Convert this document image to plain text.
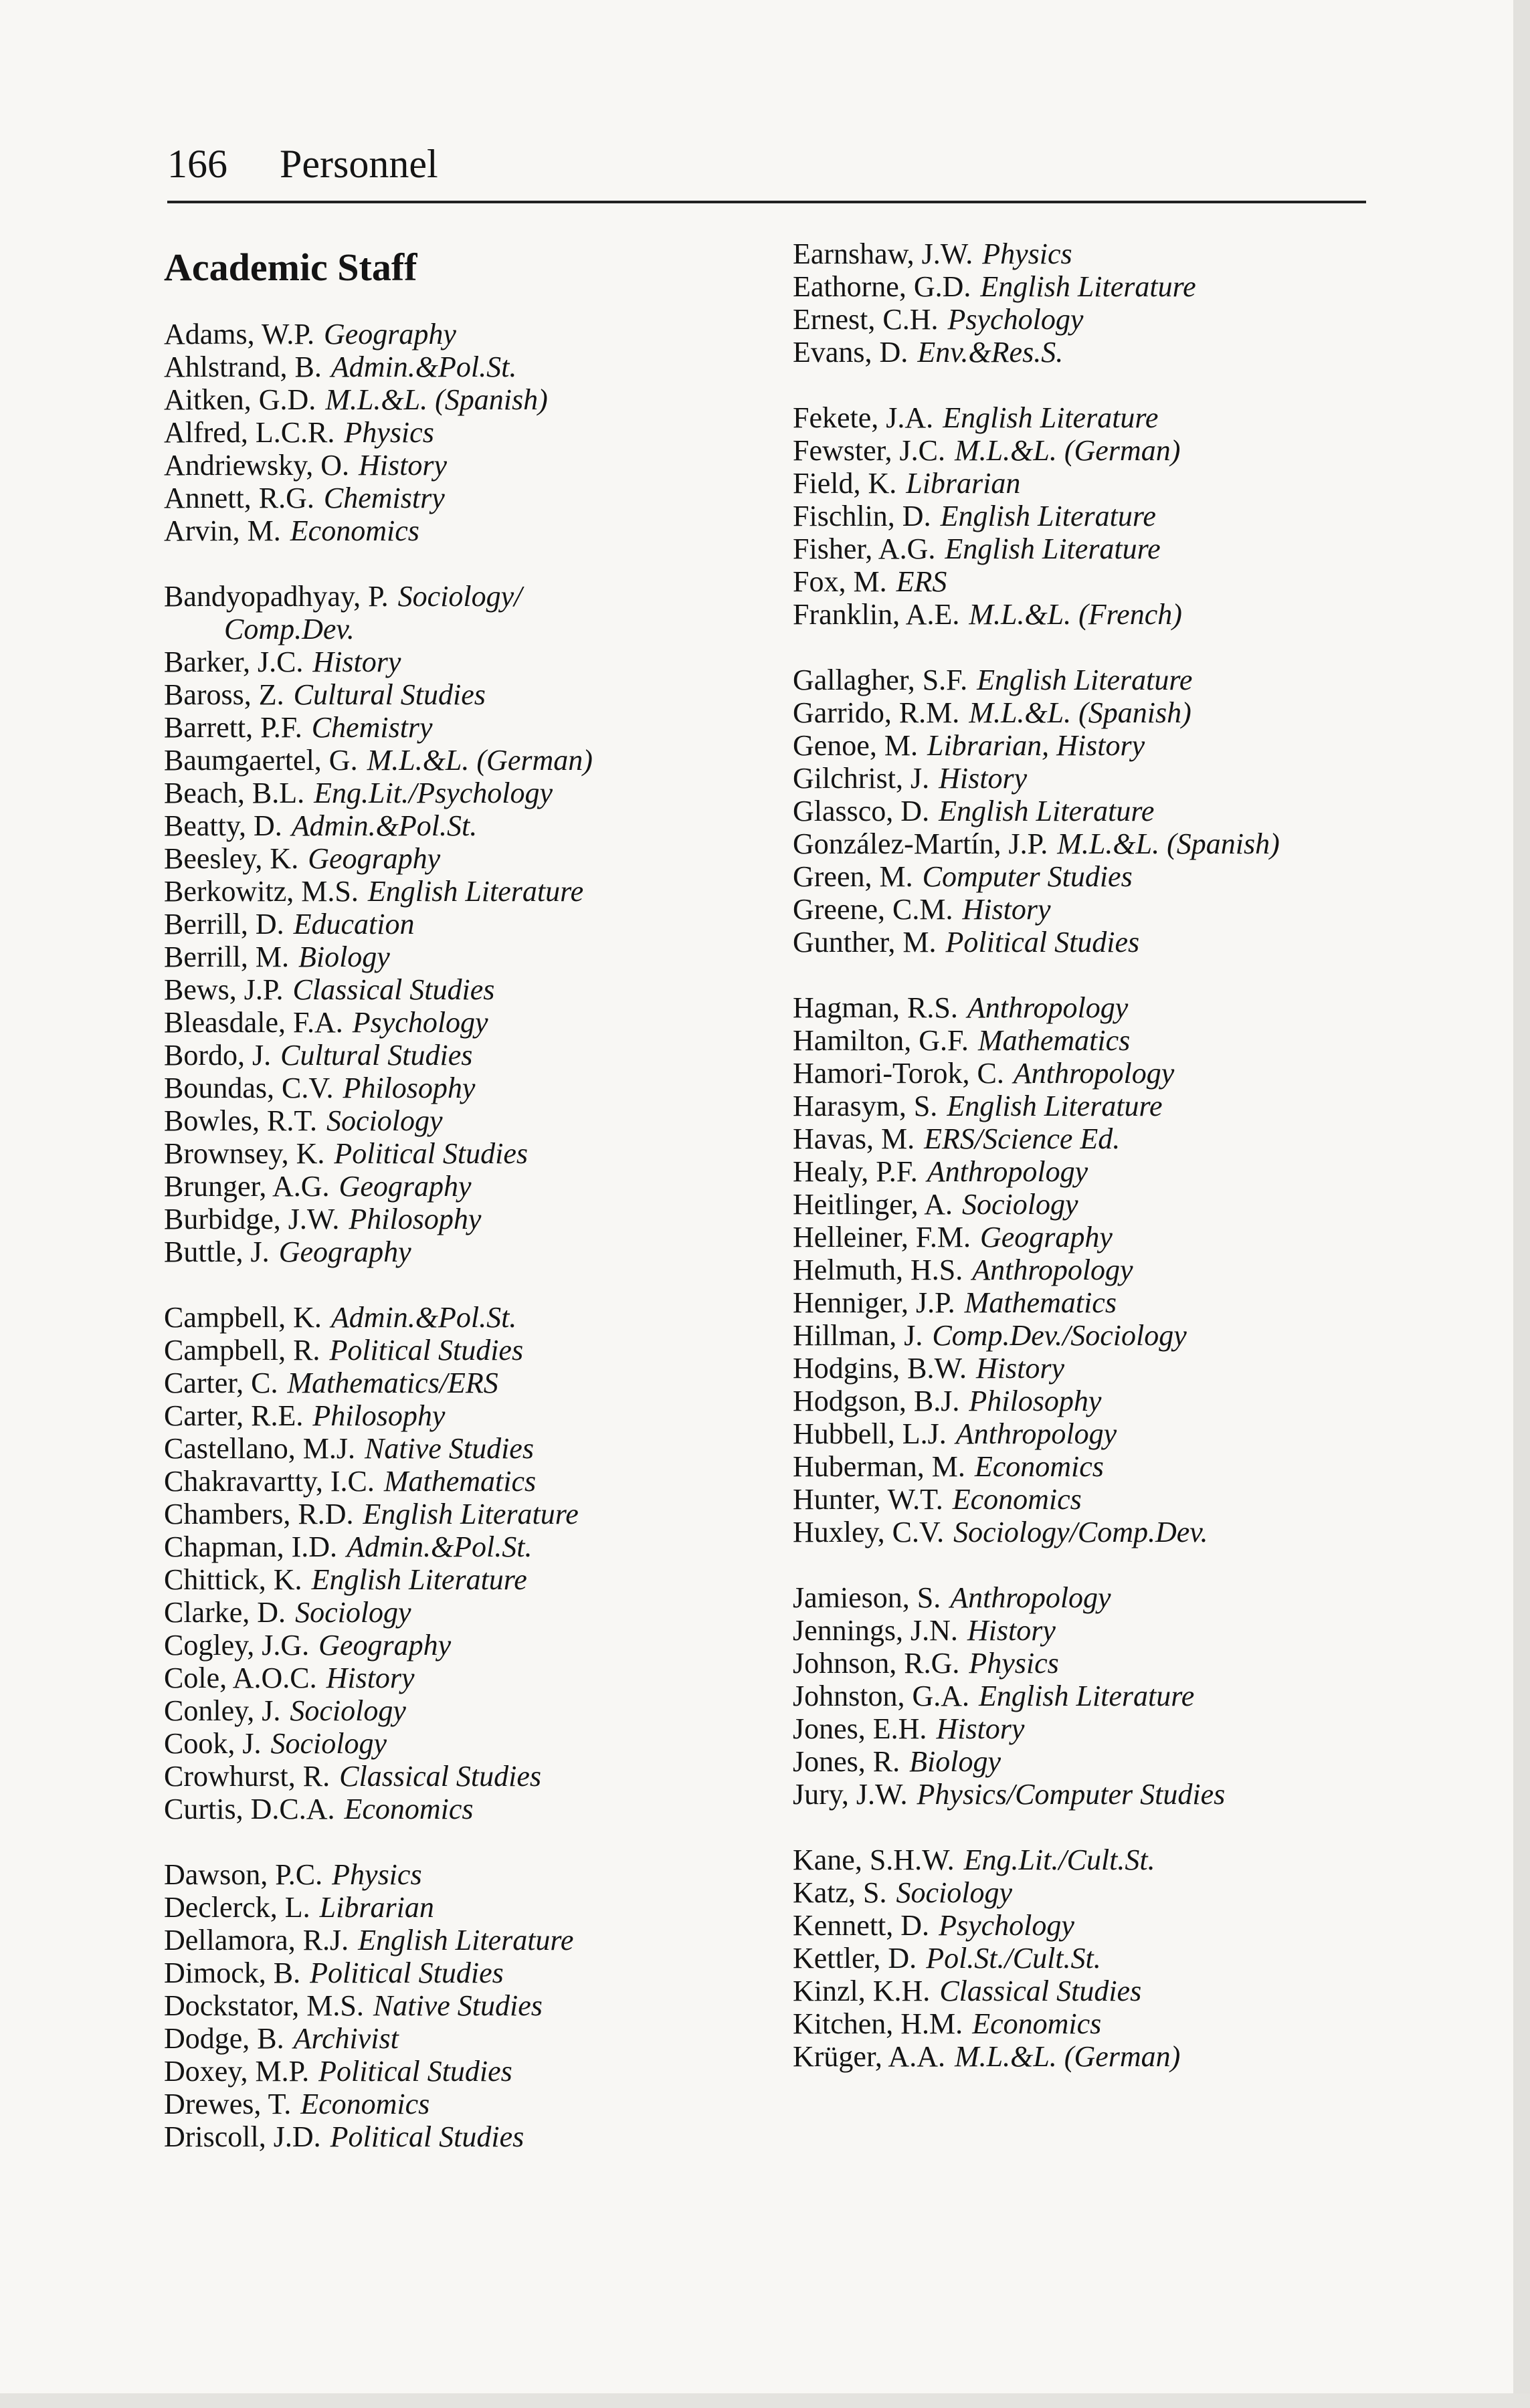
166 Personnel
Academic Staff
Adams, W.P. Geography
Ahlstrand, B. Admin.&Pol.St.
Aitken, G.D. M.L.&L. (Spanish)
Alfred, L.C.R. Physics
Andriewsky, O. History
Annett, R.G. Chemistry
Arvin, M. Economics
Bandyopadhyay, P. Sociology/
Comp.Dev.
Barker, J.C. History
Baross, Z. Cultural Studies
Barrett, P.F. Chemistry
Baumgaertel, G. M.L.&L. (German)
Beach, B.L. Eng.Lit./Psychology
Beatty, D. Admin.&Pol.St.
Beesley, K. Geography
Berkowitz, M.S. English Literature
Berrill, D. Education
Berrill, M. Biology
Bews, J.P. Classical Studies
Bleasdale, F.A. Psychology
Bordo, J. Cultural Studies
Boundas, C.V. Philosophy
Bowles, R.T. Sociology
Brownsey, K. Political Studies
Brunger, A.G. Geography
Burbidge, J.W. Philosophy
Buttle, J. Geography
Campbell, K. Admin.&Pol.St.
Campbell, R. Political Studies
Carter, C. Mathematics/ERS
Carter, R.E. Philosophy
Castellano, M.J. Native Studies
Chakravartty, I.C. Mathematics
Chambers, R.D. English Literature
Chapman, I.D. Admin.&Pol.St.
Chittick, K. English Literature
Clarke, D. Sociology
Cogley, J.G. Geography
Cole, A.O.C. History
Conley, J. Sociology
Cook, J. Sociology
Crowhurst, R. Classical Studies
Curtis, D.C.A. Economics
Dawson, P.C. Physics
Declerck, L. Librarian
Dellamora, R.J. English Literature
Dimock, B. Political Studies
Dockstator, M.S. Native Studies
Dodge, B. Archivist
Doxey, M.P. Political Studies
Drewes, T. Economics
Driscoll, J.D. Political Studies
Earnshaw, J.W. Physics
Eathorne, G.D. English Literature
Ernest, C.H. Psychology
Evans, D. Env.&Res.S.
Fekete, J.A. English Literature
Fewster, J.C. M.L.&L. (German)
Field, K. Librarian
Fischlin, D. English Literature
Fisher, A.G. English Literature
Fox, M. ERS
Franklin, A.E. M.L.&L. (French)
Gallagher, S.F. English Literature
Garrido, R.M. M.L.&L. (Spanish)
Genoe, M. Librarian, History
Gilchrist, J. History
Glassco, D. English Literature
González-Martín, J.P. M.L.&L. (Spanish)
Green, M. Computer Studies
Greene, C.M. History
Gunther, M. Political Studies
Hagman, R.S. Anthropology
Hamilton, G.F. Mathematics
Hamori-Torok, C. Anthropology
Harasym, S. English Literature
Havas, M. ERS/Science Ed.
Healy, P.F. Anthropology
Heitlinger, A. Sociology
Helleiner, F.M. Geography
Helmuth, H.S. Anthropology
Henniger, J.P. Mathematics
Hillman, J. Comp.Dev./Sociology
Hodgins, B.W. History
Hodgson, B.J. Philosophy
Hubbell, L.J. Anthropology
Huberman, M. Economics
Hunter, W.T. Economics
Huxley, C.V. Sociology/Comp.Dev.
Jamieson, S. Anthropology
Jennings, J.N. History
Johnson, R.G. Physics
Johnston, G.A. English Literature
Jones, E.H. History
Jones, R. Biology
Jury, J.W. Physics/Computer Studies
Kane, S.H.W. Eng.Lit./Cult.St.
Katz, S. Sociology
Kennett, D. Psychology
Kettler, D. Pol.St./Cult.St.
Kinzl, K.H. Classical Studies
Kitchen, H.M. Economics
Krüger, A.A. M.L.&L. (German)
